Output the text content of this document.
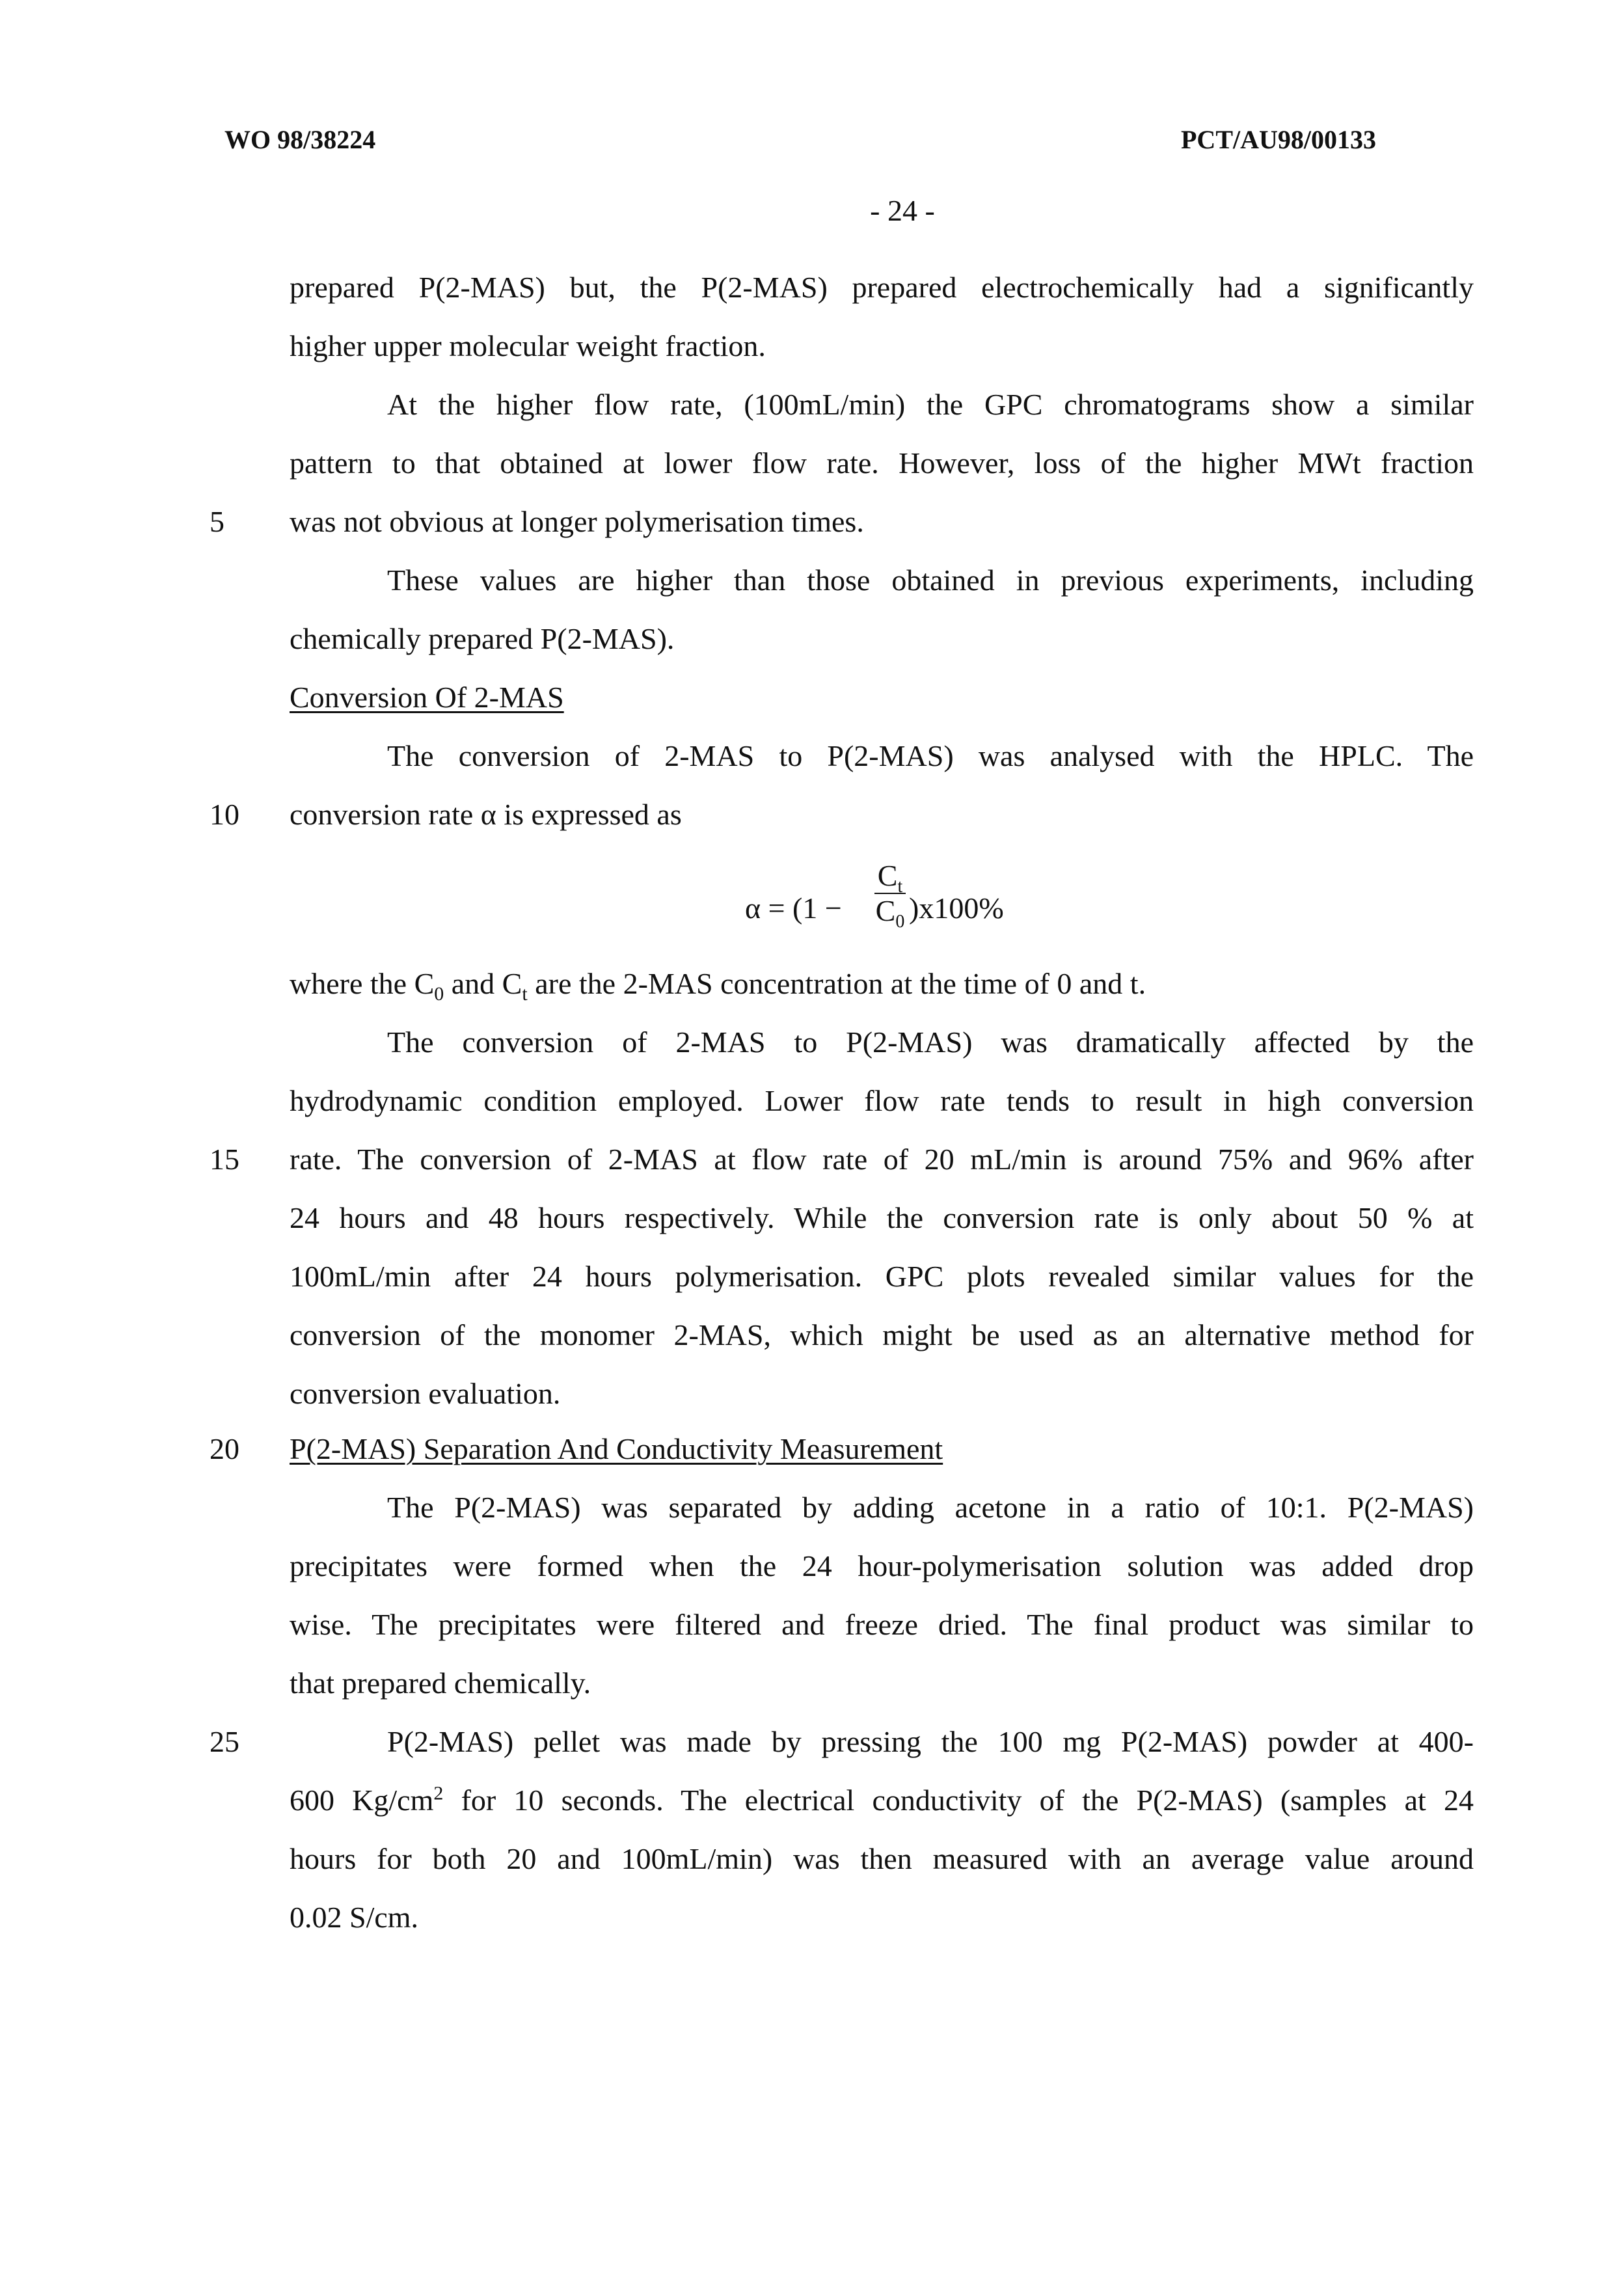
WO 98/38224	PCT/AU98/00133
- 24 -
prepared P(2-MAS) but, the P(2-MAS) prepared electrochemically had a significantly
higher upper molecular weight fraction.
At the higher flow rate, (100mL/min) the GPC chromatograms show a similar
pattern to that obtained at lower flow rate. However, loss of the higher MWt fraction
5	was not obvious at longer polymerisation times.
These values are higher than those obtained in previous experiments, including
chemically prepared P(2-MAS).
Conversion Of 2-MAS
The conversion of 2-MAS to P(2-MAS) was analysed with the HPLC. The
10	conversion rate α is expressed as
α = (1 −
$C_t$
$C_0$ )x100%
where the $C_0$ and $C_t$ are the 2-MAS concentration at the time of 0 and t.
The conversion of 2-MAS to P(2-MAS) was dramatically affected by the
hydrodynamic condition employed. Lower flow rate tends to result in high conversion
15	rate. The conversion of 2-MAS at flow rate of 20 mL/min is around 75% and 96% after
24 hours and 48 hours respectively. While the conversion rate is only about 50 % at
100mL/min after 24 hours polymerisation. GPC plots revealed similar values for the
conversion of the monomer 2-MAS, which might be used as an alternative method for
conversion evaluation.
20	P(2-MAS) Separation And Conductivity Measurement
The P(2-MAS) was separated by adding acetone in a ratio of 10:1. P(2-MAS)
precipitates were formed when the 24 hour-polymerisation solution was added drop
wise. The precipitates were filtered and freeze dried. The final product was similar to
that prepared chemically.
25	P(2-MAS) pellet was made by pressing the 100 mg P(2-MAS) powder at 400-
600 $Kg/cm^2$ for 10 seconds. The electrical conductivity of the P(2-MAS) (samples at 24
hours for both 20 and 100mL/min) was then measured with an average value around
0.02 S/cm.
